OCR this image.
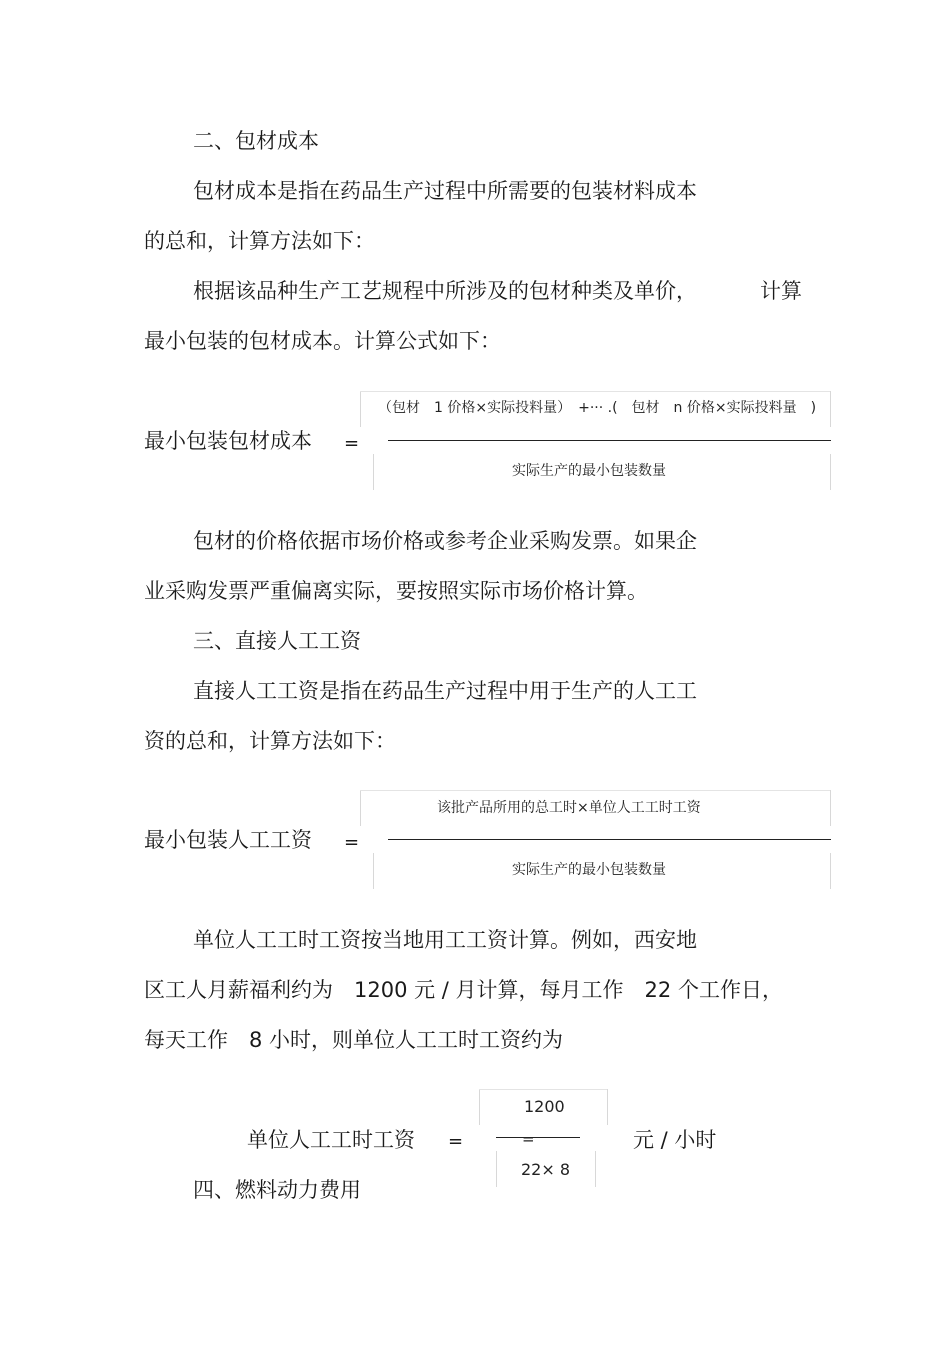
二、包材成本
包材成本是指在药品生产过程中所需要的包装材料成本
的总和，计算方法如下：
根据该品种生产工艺规程中所涉及的包材种类及单价，	计算
最小包装的包材成本。计算公式如下：
最小包装包材成本 =
（包材　1 价格×实际投料量）　+··· .(　包材　n 价格×实际投料量　)
实际生产的最小包装数量
包材的价格依据市场价格或参考企业采购发票。如果企
业采购发票严重偏离实际，要按照实际市场价格计算。
三、直接人工工资
直接人工工资是指在药品生产过程中用于生产的人工工
资的总和，计算方法如下：
最小包装人工工资 =
该批产品所用的总工时×单位人工工时工资
实际生产的最小包装数量
单位人工工时工资按当地用工工资计算。例如，西安地
区工人月薪福利约为　1200 元 / 月计算，每月工作　22 个工作日，
每天工作　8 小时，则单位人工工时工资约为
单位人工工时工资 =
1200
=
22× 8
元 / 小时
四、燃料动力费用
